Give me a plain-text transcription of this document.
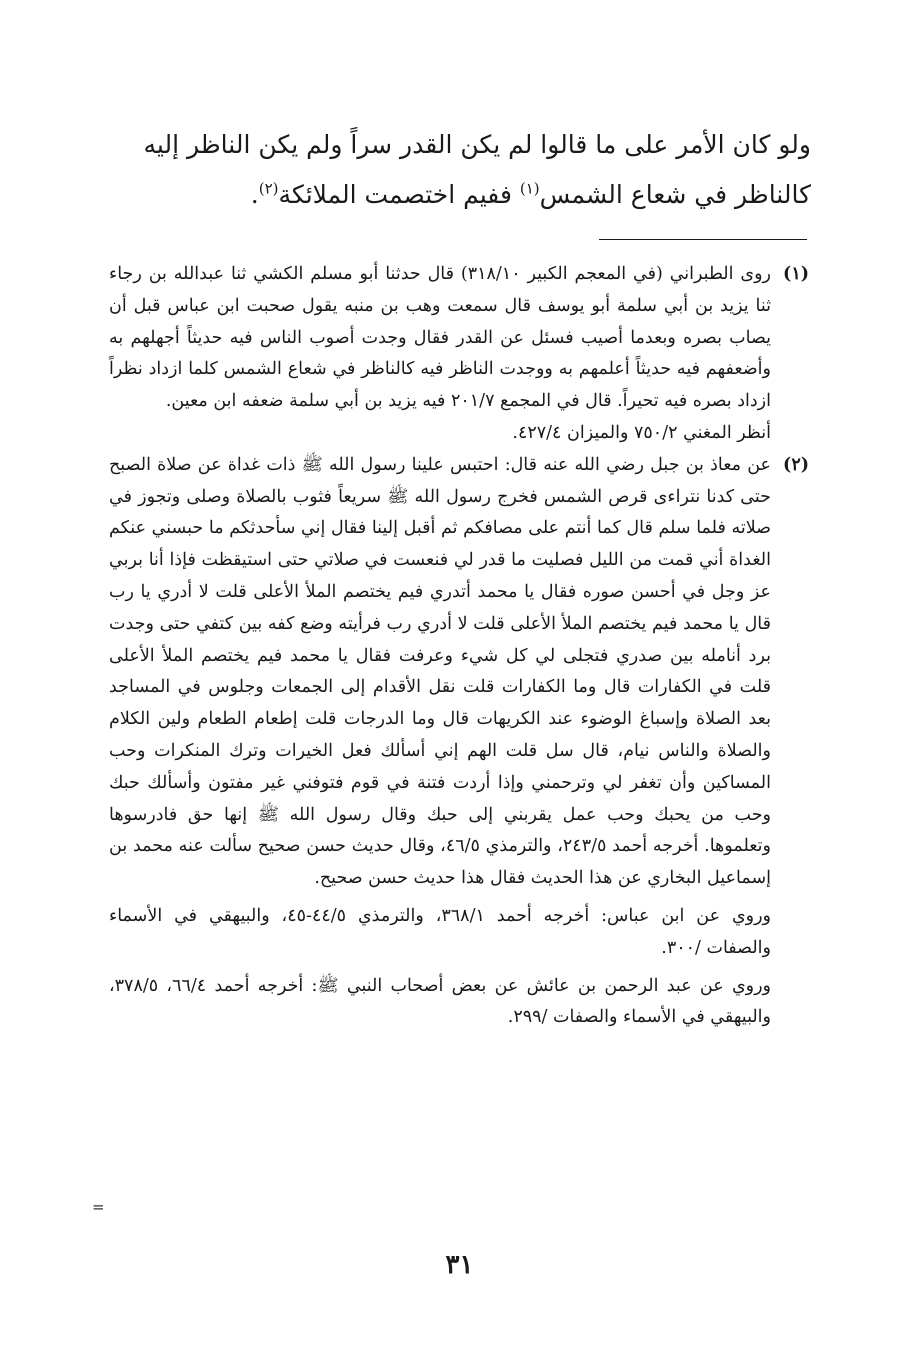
ولو كان الأمر على ما قالوا لم يكن القدر سراً ولم يكن الناظر إليه

كالناظر في شعاع الشمس$^{(١)}$ ففيم اختصمت الملائكة$^{(٢)}$.

(١)

روى الطبراني (في المعجم الكبير ٣١٨/١٠) قال حدثنا أبو مسلم الكشي ثنا عبدالله بن رجاء ثنا يزيد بن أبي سلمة أبو يوسف قال سمعت وهب بن منبه يقول صحبت ابن عباس قبل أن يصاب بصره وبعدما أصيب فسئل عن القدر فقال وجدت أصوب الناس فيه حديثاً أجهلهم به وأضعفهم فيه حديثاً أعلمهم به ووجدت الناظر فيه كالناظر في شعاع الشمس كلما ازداد نظراً ازداد بصره فيه تحيراً. قال في المجمع ٢٠١/٧ فيه يزيد بن أبي سلمة ضعفه ابن معين.

أنظر المغني ٧٥٠/٢ والميزان ٤٢٧/٤.

(٢)

عن معاذ بن جبل رضي الله عنه قال: احتبس علينا رسول الله ﷺ ذات غداة عن صلاة الصبح حتى كدنا نتراءى قرص الشمس فخرج رسول الله ﷺ سريعاً فثوب بالصلاة وصلى وتجوز في صلاته فلما سلم قال كما أنتم على مصافكم ثم أقبل إلينا فقال إني سأحدثكم ما حبسني عنكم الغداة أني قمت من الليل فصليت ما قدر لي فنعست في صلاتي حتى استيقظت فإذا أنا بربي عز وجل في أحسن صوره فقال يا محمد أتدري فيم يختصم الملأ الأعلى قلت لا أدري يا رب قال يا محمد فيم يختصم الملأ الأعلى قلت لا أدري رب فرأيته وضع كفه بين كتفي حتى وجدت برد أنامله بين صدري فتجلى لي كل شيء وعرفت فقال يا محمد فيم يختصم الملأ الأعلى قلت في الكفارات قال وما الكفارات قلت نقل الأقدام إلى الجمعات وجلوس في المساجد بعد الصلاة وإسباغ الوضوء عند الكريهات قال وما الدرجات قلت إطعام الطعام ولين الكلام والصلاة والناس نيام، قال سل قلت الهم إني أسألك فعل الخيرات وترك المنكرات وحب المساكين وأن تغفر لي وترحمني وإذا أردت فتنة في قوم فتوفني غير مفتون وأسألك حبك وحب من يحبك وحب عمل يقربني إلى حبك وقال رسول الله ﷺ إنها حق فادرسوها وتعلموها. أخرجه أحمد ٢٤٣/٥، والترمذي ٤٦/٥، وقال حديث حسن صحيح سألت عنه محمد بن إسماعيل البخاري عن هذا الحديث فقال هذا حديث حسن صحيح.

وروي عن ابن عباس: أخرجه أحمد ٣٦٨/١، والترمذي ٤٤/٥-٤٥، والبيهقي في الأسماء والصفات /٣٠٠.

وروي عن عبد الرحمن بن عائش عن بعض أصحاب النبي ﷺ: أخرجه أحمد ٦٦/٤، ٣٧٨/٥، والبيهقي في الأسماء والصفات /٢٩٩.

=
٣١
